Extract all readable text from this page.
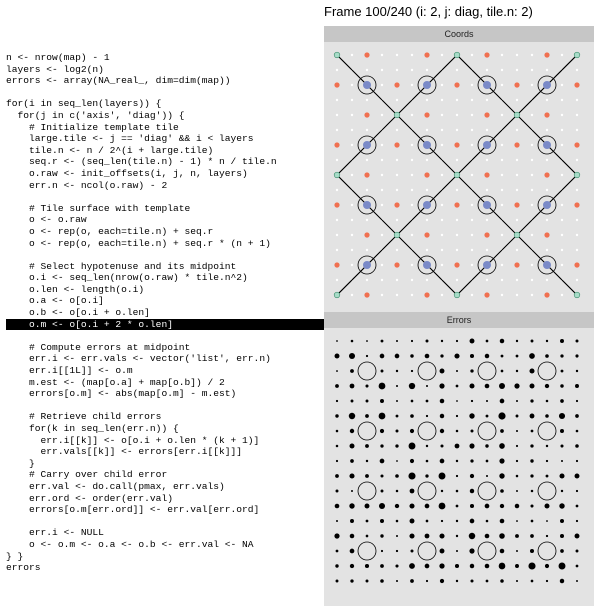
Frame 100/240 (i: 2, j: diag, tile.n: 2)
n <- nrow(map) - 1
layers <- log2(n)
errors <- array(NA_real_, dim=dim(map))
for(i in seq_len(layers)) {
for(j in c('axis', 'diag')) {
# Initialize template tile
large.tile <- j == 'diag' && i < layers
tile.n <- n / 2^(i + large.tile)
seq.r <- (seq_len(tile.n) - 1) * n / tile.n
o.raw <- init_offsets(i, j, n, layers)
err.n <- ncol(o.raw) - 2
# Tile surface with template
o <- o.raw
o <- rep(o, each=tile.n) + seq.r
o <- rep(o, each=tile.n) + seq.r * (n + 1)
# Select hypotenuse and its midpoint
o.i <- seq_len(nrow(o.raw) * tile.n^2)
o.len <- length(o.i)
o.a <- o[o.i]
o.b <- o[o.i + o.len]
o.m <- o[o.i + 2 * o.len]
# Compute errors at midpoint
err.i <- err.vals <- vector('list', err.n)
err.i[[1L]] <- o.m
m.est <- (map[o.a] + map[o.b]) / 2
errors[o.m] <- abs(map[o.m] - m.est)
# Retrieve child errors
for(k in seq_len(err.n)) {
err.i[[k]] <- o[o.i + o.len * (k + 1)]
err.vals[[k]] <- errors[err.i[[k]]]
}
# Carry over child error
err.val <- do.call(pmax, err.vals)
err.ord <- order(err.val)
errors[o.m[err.ord]] <- err.val[err.ord]
err.i <- NULL
o <- o.m <- o.a <- o.b <- err.val <- NA
} }
errors
Coords
Errors
